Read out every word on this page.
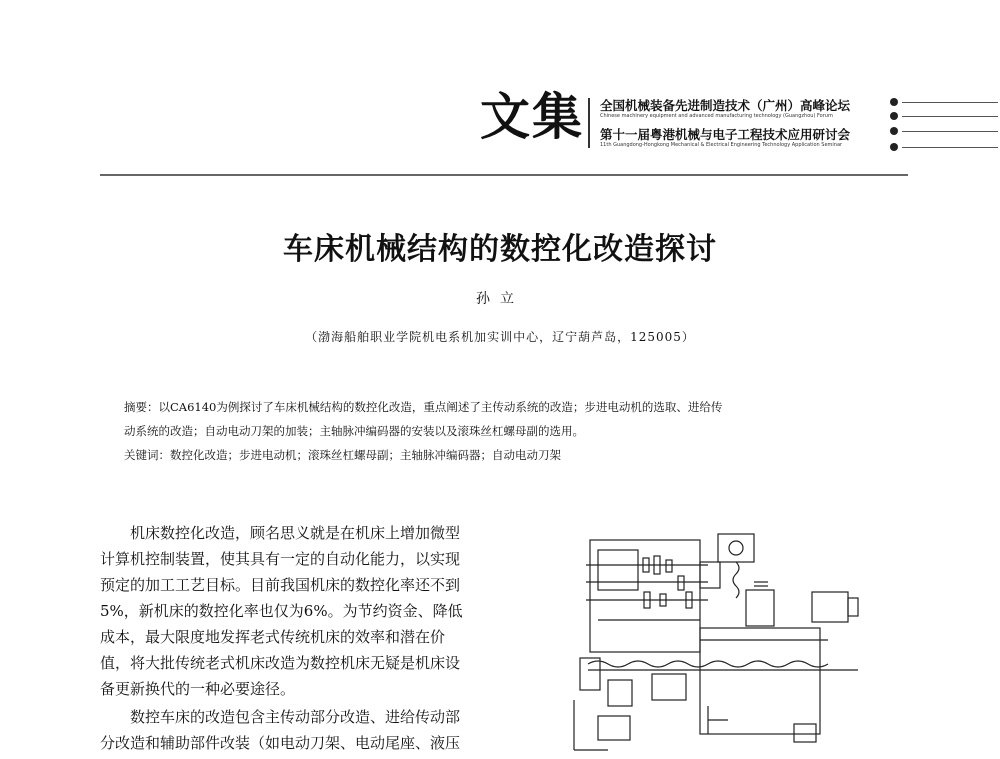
文集 全国机械装备先进制造技术（广州）高峰论坛
Chinese machinery equipment and advanced manufacturing technology (Guangzhou) Forum
第十一届粤港机械与电子工程技术应用研讨会
11th Guangdong-Hongkong Mechanical & Electrical Engineering Technology Application Seminar
车床机械结构的数控化改造探讨
孙立
（渤海船舶职业学院机电系机加实训中心，辽宁葫芦岛，125005）
摘要：以CA6140为例探讨了车床机械结构的数控化改造，重点阐述了主传动系统的改造；步进电动机的选取、进给传
动系统的改造；自动电动刀架的加装；主轴脉冲编码器的安装以及滚珠丝杠螺母副的选用。
关键词：数控化改造；步进电动机；滚珠丝杠螺母副；主轴脉冲编码器；自动电动刀架
　　机床数控化改造，顾名思义就是在机床上增加微型
计算机控制装置，使其具有一定的自动化能力，以实现
预定的加工工艺目标。目前我国机床的数控化率还不到
5%，新机床的数控化率也仅为6%。为节约资金、降低
成本，最大限度地发挥老式传统机床的效率和潜在价
值，将大批传统老式机床改造为数控机床无疑是机床设
备更新换代的一种必要途径。
　　数控车床的改造包含主传动部分改造、进给传动部
分改造和辅助部件改装（如电动刀架、电动尾座、液压
